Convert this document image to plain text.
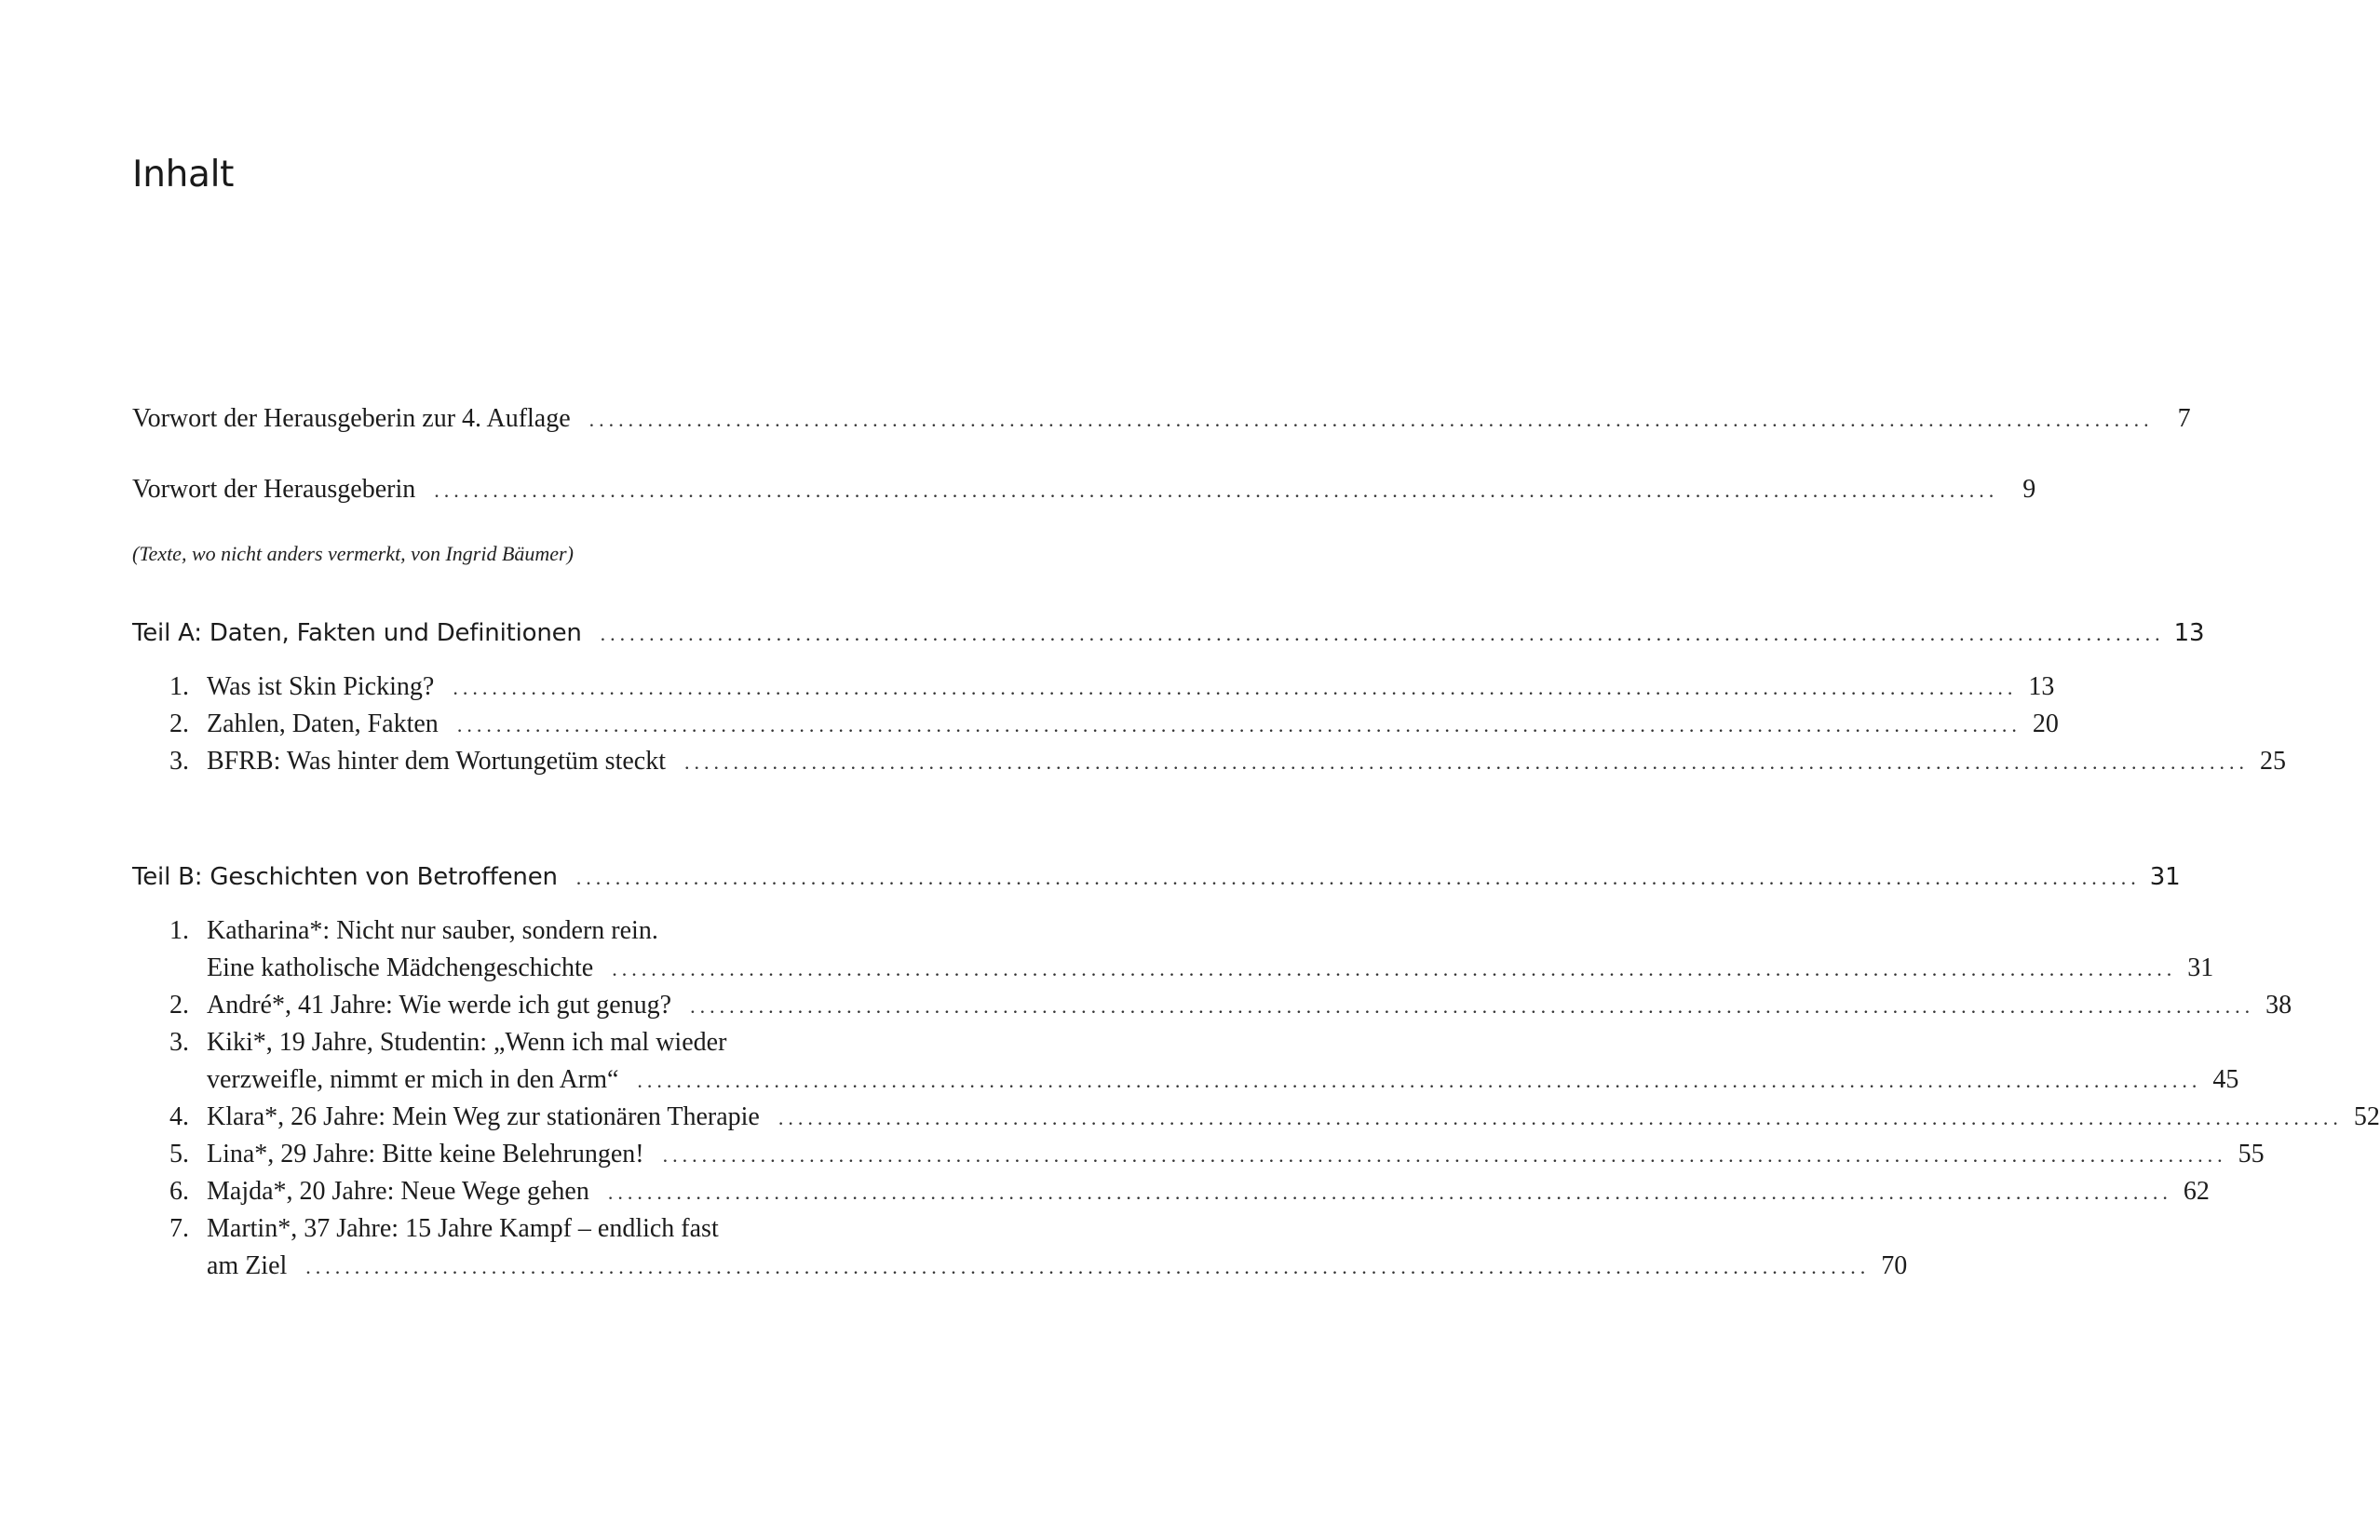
Inhalt
Vorwort der Herausgeberin zur 4. Auflage ................................................................................................................................................................ 7
Vorwort der Herausgeberin ................................................................................................................................................................ 9
(Texte, wo nicht anders vermerkt, von Ingrid Bäumer)
Teil A: Daten, Fakten und Definitionen ................................................................................................................................................................ 13
1. Was ist Skin Picking? ................................................................................................................................................................ 13
2. Zahlen, Daten, Fakten ................................................................................................................................................................ 20
3. BFRB: Was hinter dem Wortungetüm steckt ................................................................................................................................................................ 25
Teil B: Geschichten von Betroffenen ................................................................................................................................................................ 31
1. Katharina*: Nicht nur sauber, sondern rein.
Eine katholische Mädchengeschichte ................................................................................................................................................................ 31
2. André*, 41 Jahre: Wie werde ich gut genug? ................................................................................................................................................................ 38
3. Kiki*, 19 Jahre, Studentin: „Wenn ich mal wieder
verzweifle, nimmt er mich in den Arm“ ................................................................................................................................................................ 45
4. Klara*, 26 Jahre: Mein Weg zur stationären Therapie ................................................................................................................................................................ 52
5. Lina*, 29 Jahre: Bitte keine Belehrungen! ................................................................................................................................................................ 55
6. Majda*, 20 Jahre: Neue Wege gehen ................................................................................................................................................................ 62
7. Martin*, 37 Jahre: 15 Jahre Kampf – endlich fast
am Ziel ................................................................................................................................................................ 70
